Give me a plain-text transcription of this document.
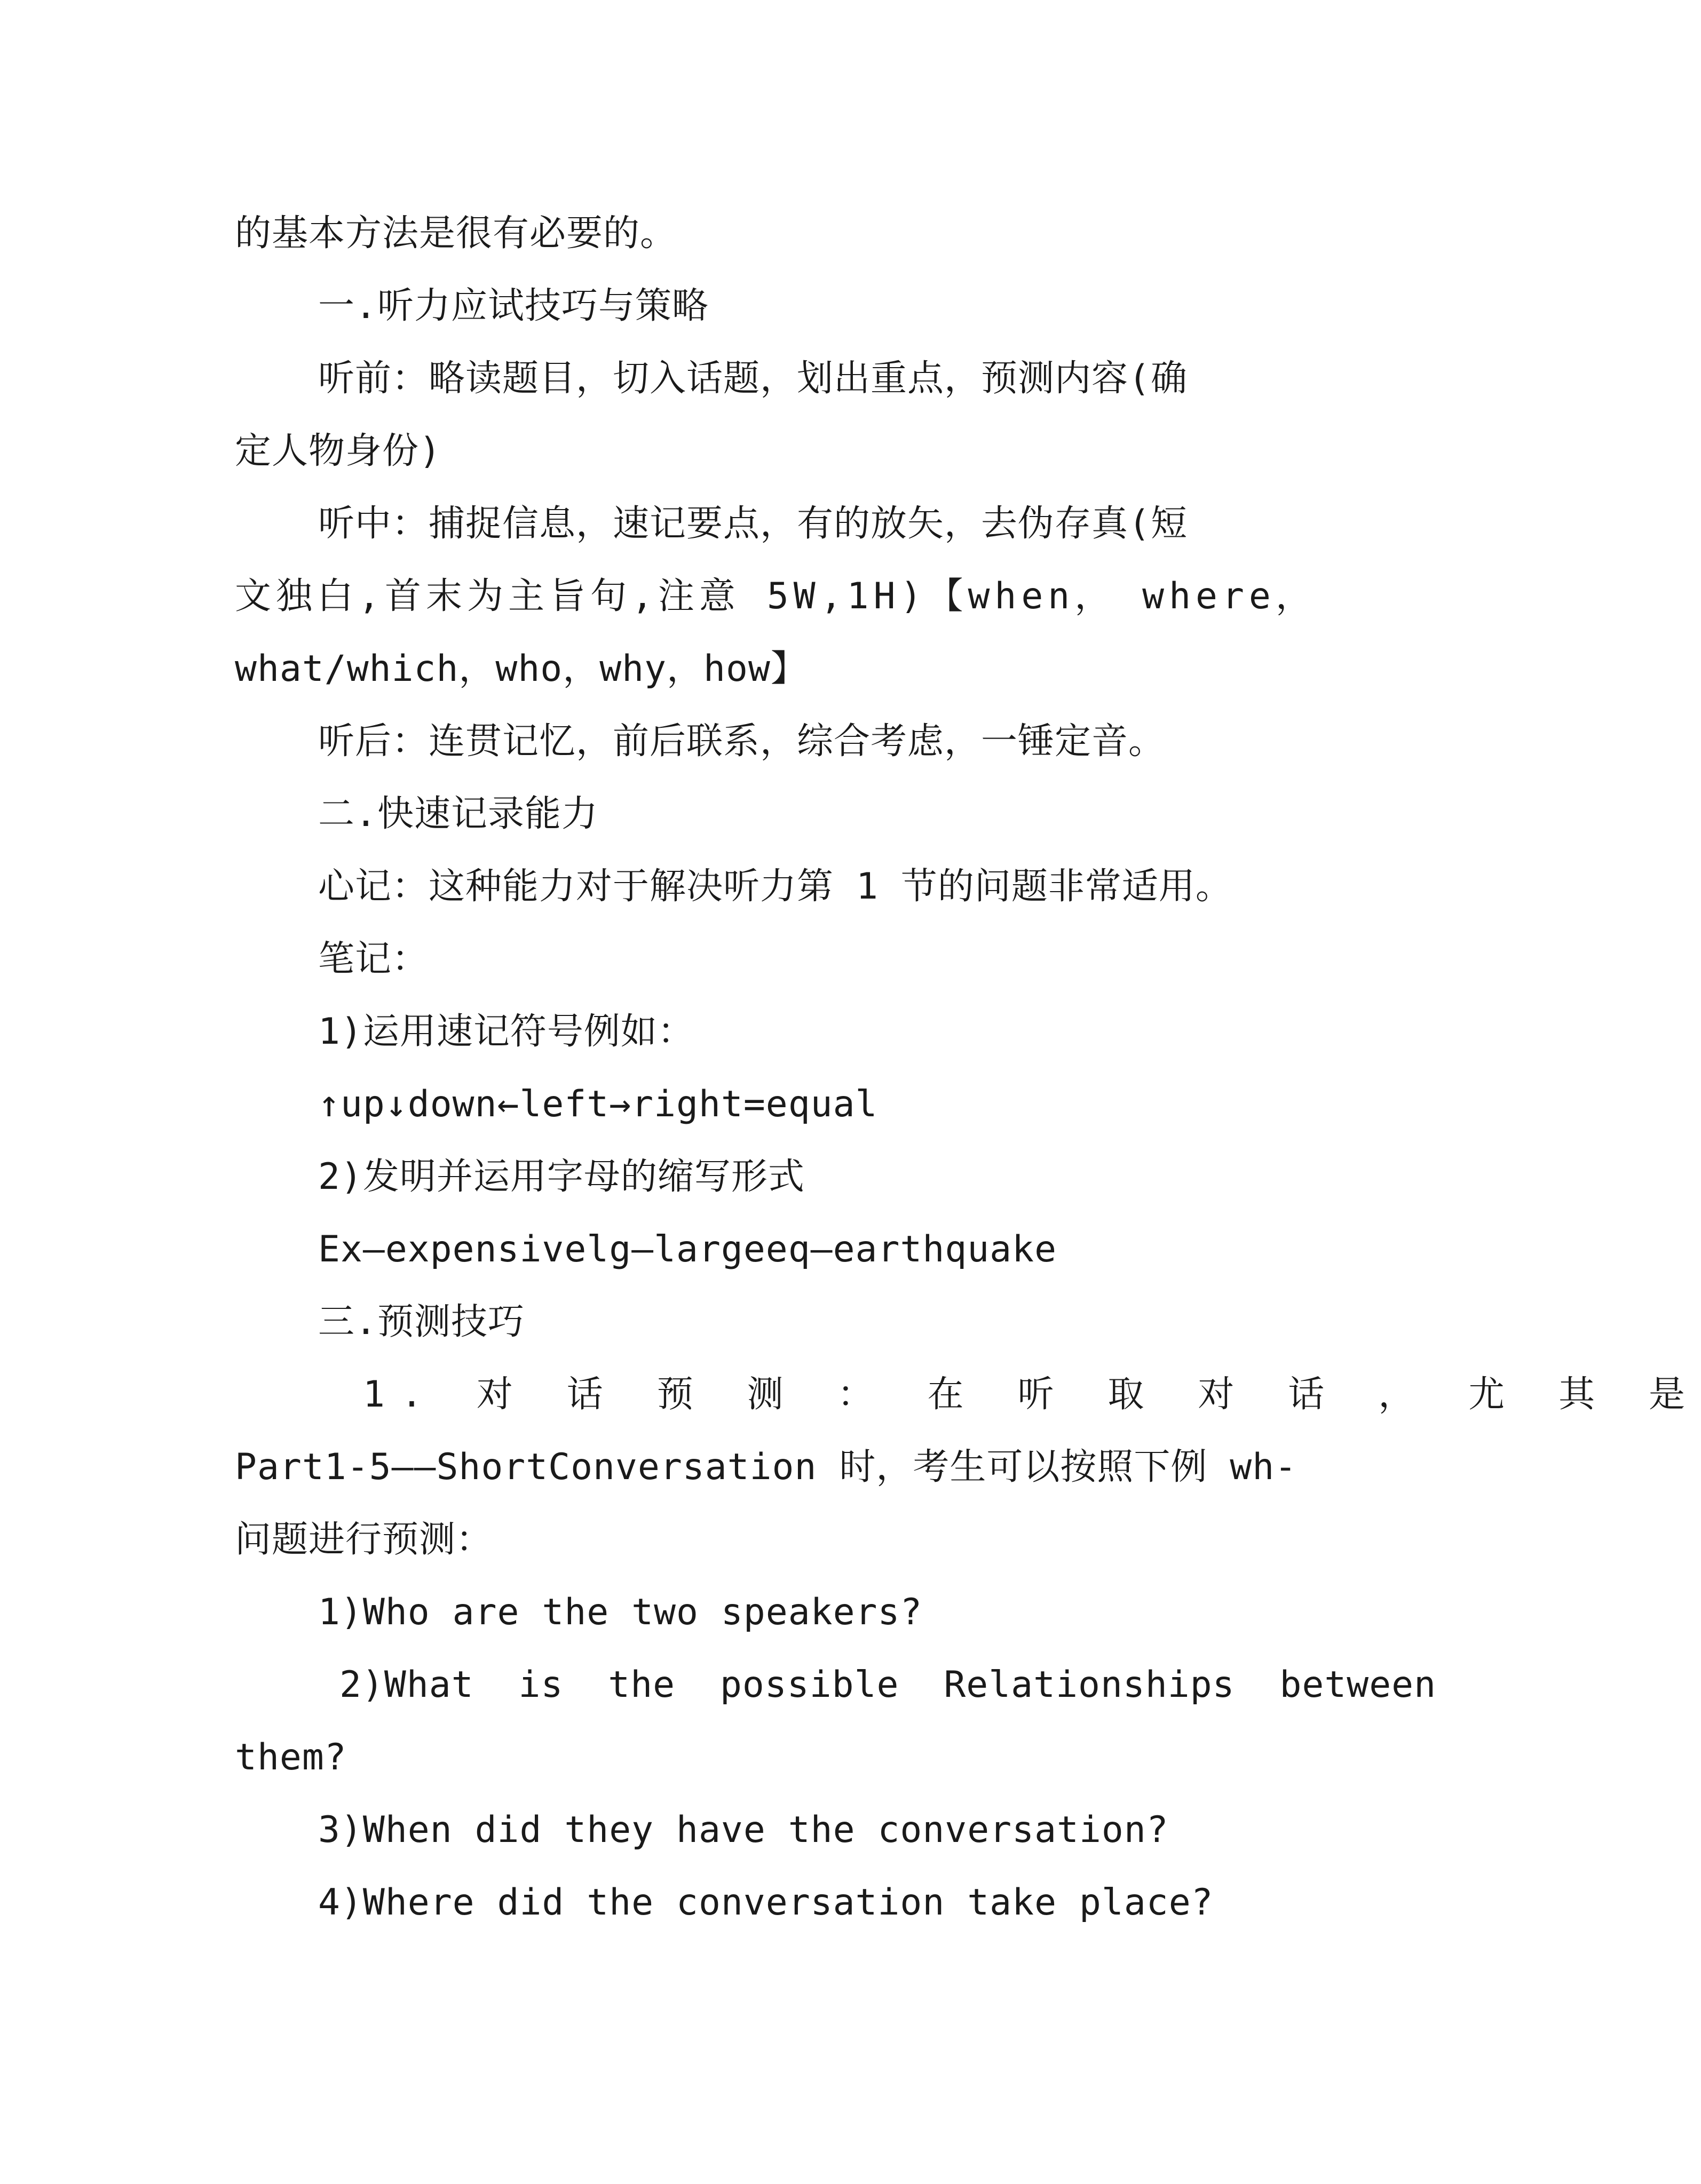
的基本方法是很有必要的。
一.听力应试技巧与策略
听前：略读题目，切入话题，划出重点，预测内容(确
定人物身份)
听中：捕捉信息，速记要点，有的放矢，去伪存真(短
文独白,首末为主旨句,注意 5W,1H)【when， where，
what/which，who，why，how】
听后：连贯记忆，前后联系，综合考虑，一锤定音。
二.快速记录能力
心记：这种能力对于解决听力第 1 节的问题非常适用。
笔记：
1)运用速记符号例如：
↑up↓down←left→right=equal
2)发明并运用字母的缩写形式
Ex—expensivelg—largeeq—earthquake
三.预测技巧
1. 对 话 预 测 ： 在 听 取 对 话 ， 尤 其 是
Part1-5——ShortConversation 时，考生可以按照下例 wh-
问题进行预测：
1)Who are the two speakers?
2)What  is  the  possible  Relationships  between
them?
3)When did they have the conversation?
4)Where did the conversation take place?
